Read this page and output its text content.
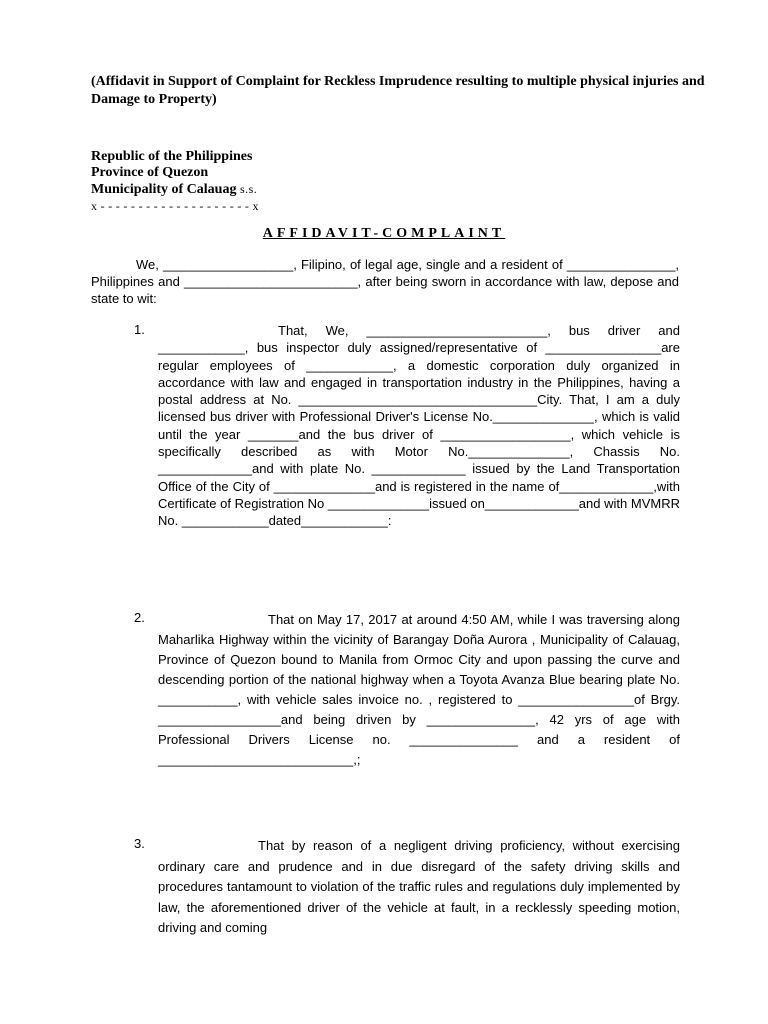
(Affidavit in Support of Complaint for Reckless Imprudence resulting to multiple physical injuries and Damage to Property)
Republic of the Philippines
Province of Quezon
Municipality of Calauag s.s.
x - - - - - - - - - - - - - - - - - - - - x
AFFIDAVIT-COMPLAINT
We, __________________, Filipino, of legal age, single and a resident of _______________, Philippines and ________________________, after being sworn in accordance with law, depose and state to wit:
1.	That, We, _________________________, bus driver and ____________, bus inspector duly assigned/representative of ________________are regular employees of ____________, a domestic corporation duly organized in accordance with law and engaged in transportation industry in the Philippines, having a postal address at No. _________________________________City. That, I am a duly licensed bus driver with Professional Driver's License No.______________, which is valid until the year _______and the bus driver of __________________, which vehicle is specifically described as with Motor No.______________, Chassis No. _____________and with plate No. _____________ issued by the Land Transportation Office of the City of ______________and is registered in the name of_____________,with Certificate of Registration No ______________issued on_____________and with MVMRR No. ____________dated____________:
2.	That on May 17, 2017 at around 4:50 AM, while I was traversing along Maharlika Highway within the vicinity of Barangay Doña Aurora , Municipality of Calauag, Province of Quezon bound to Manila from Ormoc City and upon passing the curve and descending portion of the national highway when a Toyota Avanza Blue bearing plate No. ___________, with vehicle sales invoice no. , registered to ________________of Brgy. _________________and being driven by _______________, 42 yrs of age with Professional Drivers License no. _______________ and a resident of ___________________________,;
3.	That by reason of a negligent driving proficiency, without exercising ordinary care and prudence and in due disregard of the safety driving skills and procedures tantamount to violation of the traffic rules and regulations duly implemented by law, the aforementioned driver of the vehicle at fault, in a recklessly speeding motion, driving and coming
